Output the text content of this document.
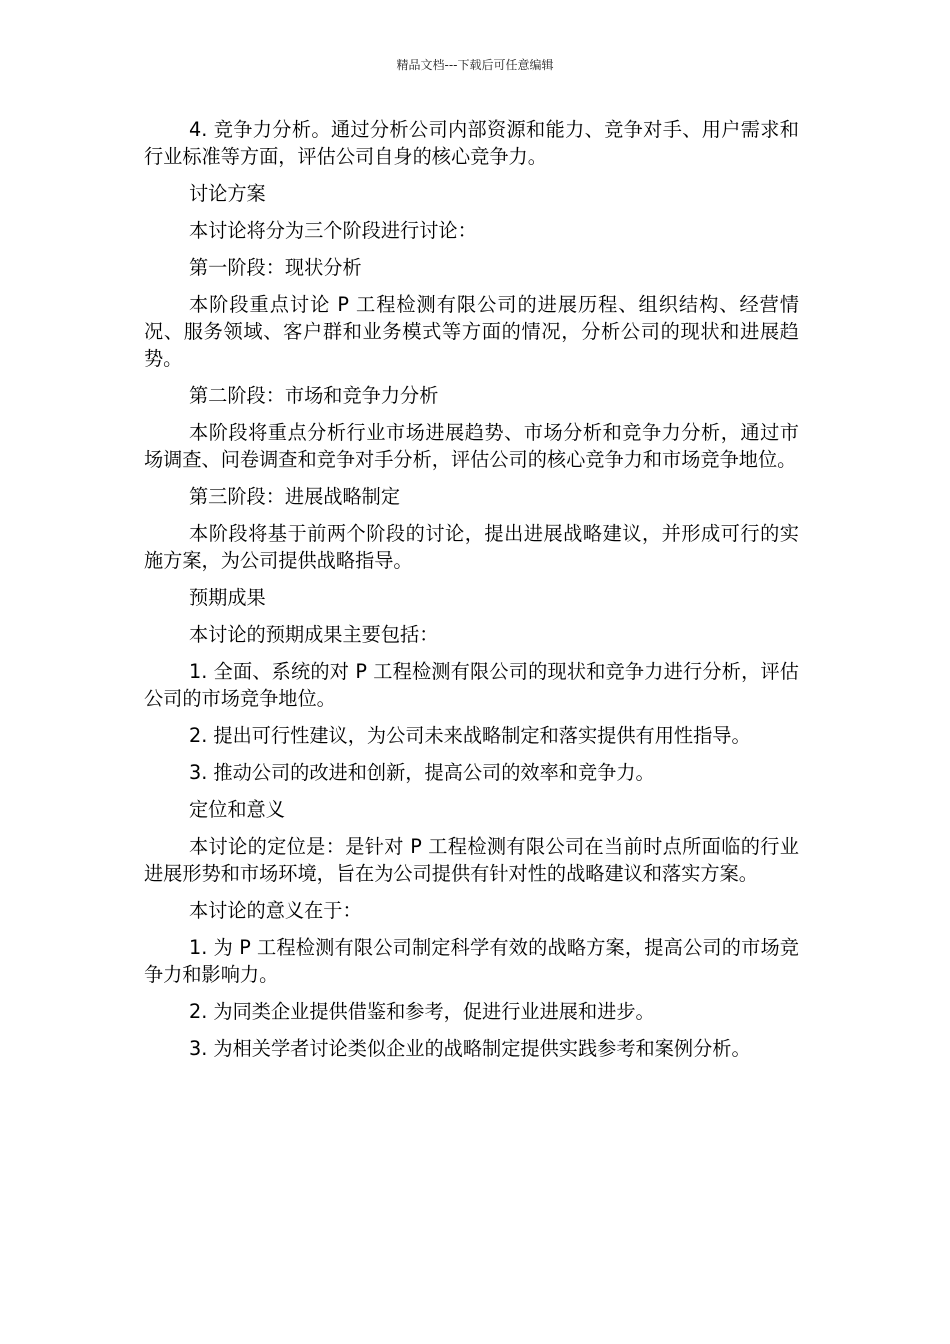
精品文档---下载后可任意编辑

4. 竞争力分析。通过分析公司内部资源和能力、竞争对手、用户需求和行业标准等方面，评估公司自身的核心竞争力。

讨论方案

本讨论将分为三个阶段进行讨论：

第一阶段：现状分析

本阶段重点讨论 P 工程检测有限公司的进展历程、组织结构、经营情况、服务领域、客户群和业务模式等方面的情况，分析公司的现状和进展趋势。

第二阶段：市场和竞争力分析

本阶段将重点分析行业市场进展趋势、市场分析和竞争力分析，通过市场调查、问卷调查和竞争对手分析，评估公司的核心竞争力和市场竞争地位。

第三阶段：进展战略制定

本阶段将基于前两个阶段的讨论，提出进展战略建议，并形成可行的实施方案，为公司提供战略指导。

预期成果

本讨论的预期成果主要包括：

1. 全面、系统的对 P 工程检测有限公司的现状和竞争力进行分析，评估公司的市场竞争地位。

2. 提出可行性建议，为公司未来战略制定和落实提供有用性指导。

3. 推动公司的改进和创新，提高公司的效率和竞争力。

定位和意义

本讨论的定位是：是针对 P 工程检测有限公司在当前时点所面临的行业进展形势和市场环境，旨在为公司提供有针对性的战略建议和落实方案。

本讨论的意义在于：

1. 为 P 工程检测有限公司制定科学有效的战略方案，提高公司的市场竞争力和影响力。

2. 为同类企业提供借鉴和参考，促进行业进展和进步。

3. 为相关学者讨论类似企业的战略制定提供实践参考和案例分析。
